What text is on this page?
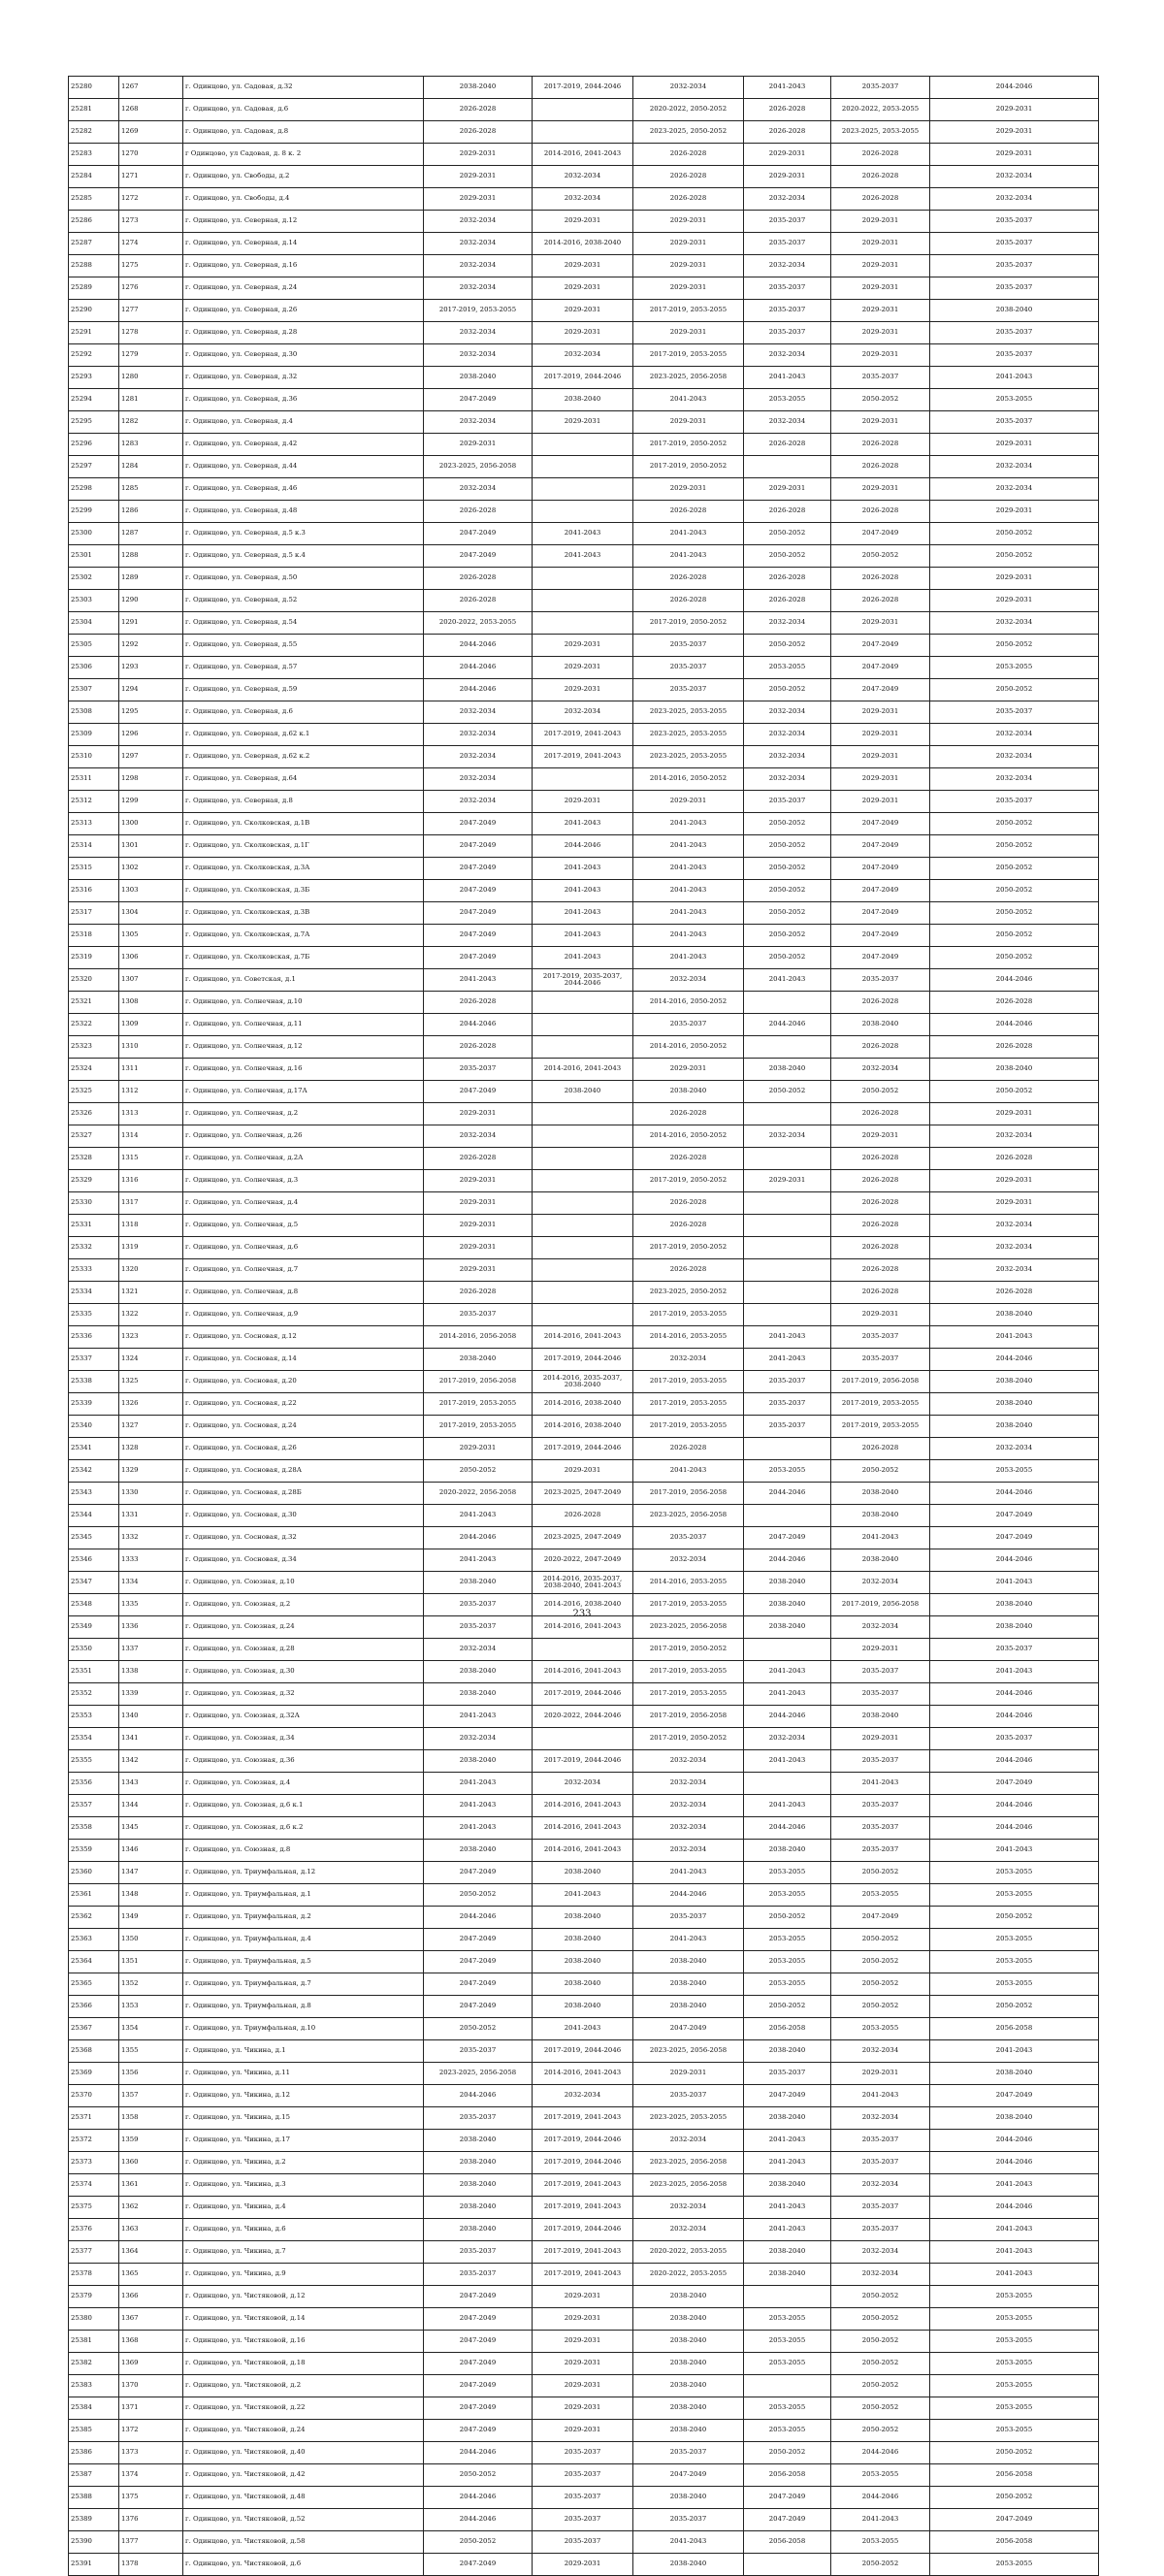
25280	1267	г. Одинцово, ул. Садовая, д.32	2038-2040	2017-2019, 2044-2046	2032-2034	2041-2043	2035-2037	2044-2046
25281	1268	г. Одинцово, ул. Садовая, д.6	2026-2028		2020-2022, 2050-2052	2026-2028	2020-2022, 2053-2055	2029-2031
25282	1269	г. Одинцово, ул. Садовая, д.8	2026-2028		2023-2025, 2050-2052	2026-2028	2023-2025, 2053-2055	2029-2031
25283	1270	г Одинцово, ул Садовая, д. 8 к. 2	2029-2031	2014-2016, 2041-2043	2026-2028	2029-2031	2026-2028	2029-2031
25284	1271	г. Одинцово, ул. Свободы, д.2	2029-2031	2032-2034	2026-2028	2029-2031	2026-2028	2032-2034
25285	1272	г. Одинцово, ул. Свободы, д.4	2029-2031	2032-2034	2026-2028	2032-2034	2026-2028	2032-2034
25286	1273	г. Одинцово, ул. Северная, д.12	2032-2034	2029-2031	2029-2031	2035-2037	2029-2031	2035-2037
25287	1274	г. Одинцово, ул. Северная, д.14	2032-2034	2014-2016, 2038-2040	2029-2031	2035-2037	2029-2031	2035-2037
25288	1275	г. Одинцово, ул. Северная, д.16	2032-2034	2029-2031	2029-2031	2032-2034	2029-2031	2035-2037
25289	1276	г. Одинцово, ул. Северная, д.24	2032-2034	2029-2031	2029-2031	2035-2037	2029-2031	2035-2037
25290	1277	г. Одинцово, ул. Северная, д.26	2017-2019, 2053-2055	2029-2031	2017-2019, 2053-2055	2035-2037	2029-2031	2038-2040
25291	1278	г. Одинцово, ул. Северная, д.28	2032-2034	2029-2031	2029-2031	2035-2037	2029-2031	2035-2037
25292	1279	г. Одинцово, ул. Северная, д.30	2032-2034	2032-2034	2017-2019, 2053-2055	2032-2034	2029-2031	2035-2037
25293	1280	г. Одинцово, ул. Северная, д.32	2038-2040	2017-2019, 2044-2046	2023-2025, 2056-2058	2041-2043	2035-2037	2041-2043
25294	1281	г. Одинцово, ул. Северная, д.36	2047-2049	2038-2040	2041-2043	2053-2055	2050-2052	2053-2055
25295	1282	г. Одинцово, ул. Северная, д.4	2032-2034	2029-2031	2029-2031	2032-2034	2029-2031	2035-2037
25296	1283	г. Одинцово, ул. Северная, д.42	2029-2031		2017-2019, 2050-2052	2026-2028	2026-2028	2029-2031
25297	1284	г. Одинцово, ул. Северная, д.44	2023-2025, 2056-2058		2017-2019, 2050-2052		2026-2028	2032-2034
25298	1285	г. Одинцово, ул. Северная, д.46	2032-2034		2029-2031	2029-2031	2029-2031	2032-2034
25299	1286	г. Одинцово, ул. Северная, д.48	2026-2028		2026-2028	2026-2028	2026-2028	2029-2031
25300	1287	г. Одинцово, ул. Северная, д.5 к.3	2047-2049	2041-2043	2041-2043	2050-2052	2047-2049	2050-2052
25301	1288	г. Одинцово, ул. Северная, д.5 к.4	2047-2049	2041-2043	2041-2043	2050-2052	2050-2052	2050-2052
25302	1289	г. Одинцово, ул. Северная, д.50	2026-2028		2026-2028	2026-2028	2026-2028	2029-2031
25303	1290	г. Одинцово, ул. Северная, д.52	2026-2028		2026-2028	2026-2028	2026-2028	2029-2031
25304	1291	г. Одинцово, ул. Северная, д.54	2020-2022, 2053-2055		2017-2019, 2050-2052	2032-2034	2029-2031	2032-2034
25305	1292	г. Одинцово, ул. Северная, д.55	2044-2046	2029-2031	2035-2037	2050-2052	2047-2049	2050-2052
25306	1293	г. Одинцово, ул. Северная, д.57	2044-2046	2029-2031	2035-2037	2053-2055	2047-2049	2053-2055
25307	1294	г. Одинцово, ул. Северная, д.59	2044-2046	2029-2031	2035-2037	2050-2052	2047-2049	2050-2052
25308	1295	г. Одинцово, ул. Северная, д.6	2032-2034	2032-2034	2023-2025, 2053-2055	2032-2034	2029-2031	2035-2037
25309	1296	г. Одинцово, ул. Северная, д.62 к.1	2032-2034	2017-2019, 2041-2043	2023-2025, 2053-2055	2032-2034	2029-2031	2032-2034
25310	1297	г. Одинцово, ул. Северная, д.62 к.2	2032-2034	2017-2019, 2041-2043	2023-2025, 2053-2055	2032-2034	2029-2031	2032-2034
25311	1298	г. Одинцово, ул. Северная, д.64	2032-2034		2014-2016, 2050-2052	2032-2034	2029-2031	2032-2034
25312	1299	г. Одинцово, ул. Северная, д.8	2032-2034	2029-2031	2029-2031	2035-2037	2029-2031	2035-2037
25313	1300	г. Одинцово, ул. Сколковская, д.1В	2047-2049	2041-2043	2041-2043	2050-2052	2047-2049	2050-2052
25314	1301	г. Одинцово, ул. Сколковская, д.1Г	2047-2049	2044-2046	2041-2043	2050-2052	2047-2049	2050-2052
25315	1302	г. Одинцово, ул. Сколковская, д.3А	2047-2049	2041-2043	2041-2043	2050-2052	2047-2049	2050-2052
25316	1303	г. Одинцово, ул. Сколковская, д.3Б	2047-2049	2041-2043	2041-2043	2050-2052	2047-2049	2050-2052
25317	1304	г. Одинцово, ул. Сколковская, д.3В	2047-2049	2041-2043	2041-2043	2050-2052	2047-2049	2050-2052
25318	1305	г. Одинцово, ул. Сколковская, д.7А	2047-2049	2041-2043	2041-2043	2050-2052	2047-2049	2050-2052
25319	1306	г. Одинцово, ул. Сколковская, д.7Б	2047-2049	2041-2043	2041-2043	2050-2052	2047-2049	2050-2052
25320	1307	г. Одинцово, ул. Советская, д.1	2041-2043	2017-2019, 2035-2037, 2044-2046	2032-2034	2041-2043	2035-2037	2044-2046
25321	1308	г. Одинцово, ул. Солнечная, д.10	2026-2028		2014-2016, 2050-2052		2026-2028	2026-2028
25322	1309	г. Одинцово, ул. Солнечная, д.11	2044-2046		2035-2037	2044-2046	2038-2040	2044-2046
25323	1310	г. Одинцово, ул. Солнечная, д.12	2026-2028		2014-2016, 2050-2052		2026-2028	2026-2028
25324	1311	г. Одинцово, ул. Солнечная, д.16	2035-2037	2014-2016, 2041-2043	2029-2031	2038-2040	2032-2034	2038-2040
25325	1312	г. Одинцово, ул. Солнечная, д.17А	2047-2049	2038-2040	2038-2040	2050-2052	2050-2052	2050-2052
25326	1313	г. Одинцово, ул. Солнечная, д.2	2029-2031		2026-2028		2026-2028	2029-2031
25327	1314	г. Одинцово, ул. Солнечная, д.26	2032-2034		2014-2016, 2050-2052	2032-2034	2029-2031	2032-2034
25328	1315	г. Одинцово, ул. Солнечная, д.2А	2026-2028		2026-2028		2026-2028	2026-2028
25329	1316	г. Одинцово, ул. Солнечная, д.3	2029-2031		2017-2019, 2050-2052	2029-2031	2026-2028	2029-2031
25330	1317	г. Одинцово, ул. Солнечная, д.4	2029-2031		2026-2028		2026-2028	2029-2031
25331	1318	г. Одинцово, ул. Солнечная, д.5	2029-2031		2026-2028		2026-2028	2032-2034
25332	1319	г. Одинцово, ул. Солнечная, д.6	2029-2031		2017-2019, 2050-2052		2026-2028	2032-2034
25333	1320	г. Одинцово, ул. Солнечная, д.7	2029-2031		2026-2028		2026-2028	2032-2034
25334	1321	г. Одинцово, ул. Солнечная, д.8	2026-2028		2023-2025, 2050-2052		2026-2028	2026-2028
25335	1322	г. Одинцово, ул. Солнечная, д.9	2035-2037		2017-2019, 2053-2055		2029-2031	2038-2040
25336	1323	г. Одинцово, ул. Сосновая, д.12	2014-2016, 2056-2058	2014-2016, 2041-2043	2014-2016, 2053-2055	2041-2043	2035-2037	2041-2043
25337	1324	г. Одинцово, ул. Сосновая, д.14	2038-2040	2017-2019, 2044-2046	2032-2034	2041-2043	2035-2037	2044-2046
25338	1325	г. Одинцово, ул. Сосновая, д.20	2017-2019, 2056-2058	2014-2016, 2035-2037, 2038-2040	2017-2019, 2053-2055	2035-2037	2017-2019, 2056-2058	2038-2040
25339	1326	г. Одинцово, ул. Сосновая, д.22	2017-2019, 2053-2055	2014-2016, 2038-2040	2017-2019, 2053-2055	2035-2037	2017-2019, 2053-2055	2038-2040
25340	1327	г. Одинцово, ул. Сосновая, д.24	2017-2019, 2053-2055	2014-2016, 2038-2040	2017-2019, 2053-2055	2035-2037	2017-2019, 2053-2055	2038-2040
25341	1328	г. Одинцово, ул. Сосновая, д.26	2029-2031	2017-2019, 2044-2046	2026-2028		2026-2028	2032-2034
25342	1329	г. Одинцово, ул. Сосновая, д.28А	2050-2052	2029-2031	2041-2043	2053-2055	2050-2052	2053-2055
25343	1330	г. Одинцово, ул. Сосновая, д.28Б	2020-2022, 2056-2058	2023-2025, 2047-2049	2017-2019, 2056-2058	2044-2046	2038-2040	2044-2046
25344	1331	г. Одинцово, ул. Сосновая, д.30	2041-2043	2026-2028	2023-2025, 2056-2058		2038-2040	2047-2049
25345	1332	г. Одинцово, ул. Сосновая, д.32	2044-2046	2023-2025, 2047-2049	2035-2037	2047-2049	2041-2043	2047-2049
25346	1333	г. Одинцово, ул. Сосновая, д.34	2041-2043	2020-2022, 2047-2049	2032-2034	2044-2046	2038-2040	2044-2046
25347	1334	г. Одинцово, ул. Союзная, д.10	2038-2040	2014-2016, 2035-2037, 2038-2040, 2041-2043	2014-2016, 2053-2055	2038-2040	2032-2034	2041-2043
25348	1335	г. Одинцово, ул. Союзная, д.2	2035-2037	2014-2016, 2038-2040	2017-2019, 2053-2055	2038-2040	2017-2019, 2056-2058	2038-2040
25349	1336	г. Одинцово, ул. Союзная, д.24	2035-2037	2014-2016, 2041-2043	2023-2025, 2056-2058	2038-2040	2032-2034	2038-2040
25350	1337	г. Одинцово, ул. Союзная, д.28	2032-2034		2017-2019, 2050-2052		2029-2031	2035-2037
25351	1338	г. Одинцово, ул. Союзная, д.30	2038-2040	2014-2016, 2041-2043	2017-2019, 2053-2055	2041-2043	2035-2037	2041-2043
25352	1339	г. Одинцово, ул. Союзная, д.32	2038-2040	2017-2019, 2044-2046	2017-2019, 2053-2055	2041-2043	2035-2037	2044-2046
25353	1340	г. Одинцово, ул. Союзная, д.32А	2041-2043	2020-2022, 2044-2046	2017-2019, 2056-2058	2044-2046	2038-2040	2044-2046
25354	1341	г. Одинцово, ул. Союзная, д.34	2032-2034		2017-2019, 2050-2052	2032-2034	2029-2031	2035-2037
25355	1342	г. Одинцово, ул. Союзная, д.36	2038-2040	2017-2019, 2044-2046	2032-2034	2041-2043	2035-2037	2044-2046
25356	1343	г. Одинцово, ул. Союзная, д.4	2041-2043	2032-2034	2032-2034		2041-2043	2047-2049
25357	1344	г. Одинцово, ул. Союзная, д.6 к.1	2041-2043	2014-2016, 2041-2043	2032-2034	2041-2043	2035-2037	2044-2046
25358	1345	г. Одинцово, ул. Союзная, д.6 к.2	2041-2043	2014-2016, 2041-2043	2032-2034	2044-2046	2035-2037	2044-2046
25359	1346	г. Одинцово, ул. Союзная, д.8	2038-2040	2014-2016, 2041-2043	2032-2034	2038-2040	2035-2037	2041-2043
25360	1347	г. Одинцово, ул. Триумфальная, д.12	2047-2049	2038-2040	2041-2043	2053-2055	2050-2052	2053-2055
25361	1348	г. Одинцово, ул. Триумфальная, д.1	2050-2052	2041-2043	2044-2046	2053-2055	2053-2055	2053-2055
25362	1349	г. Одинцово, ул. Триумфальная, д.2	2044-2046	2038-2040	2035-2037	2050-2052	2047-2049	2050-2052
25363	1350	г. Одинцово, ул. Триумфальная, д.4	2047-2049	2038-2040	2041-2043	2053-2055	2050-2052	2053-2055
25364	1351	г. Одинцово, ул. Триумфальная, д.5	2047-2049	2038-2040	2038-2040	2053-2055	2050-2052	2053-2055
25365	1352	г. Одинцово, ул. Триумфальная, д.7	2047-2049	2038-2040	2038-2040	2053-2055	2050-2052	2053-2055
25366	1353	г. Одинцово, ул. Триумфальная, д.8	2047-2049	2038-2040	2038-2040	2050-2052	2050-2052	2050-2052
25367	1354	г. Одинцово, ул. Триумфальная, д.10	2050-2052	2041-2043	2047-2049	2056-2058	2053-2055	2056-2058
25368	1355	г. Одинцово, ул. Чикина, д.1	2035-2037	2017-2019, 2044-2046	2023-2025, 2056-2058	2038-2040	2032-2034	2041-2043
25369	1356	г. Одинцово, ул. Чикина, д.11	2023-2025, 2056-2058	2014-2016, 2041-2043	2029-2031	2035-2037	2029-2031	2038-2040
25370	1357	г. Одинцово, ул. Чикина, д.12	2044-2046	2032-2034	2035-2037	2047-2049	2041-2043	2047-2049
25371	1358	г. Одинцово, ул. Чикина, д.15	2035-2037	2017-2019, 2041-2043	2023-2025, 2053-2055	2038-2040	2032-2034	2038-2040
25372	1359	г. Одинцово, ул. Чикина, д.17	2038-2040	2017-2019, 2044-2046	2032-2034	2041-2043	2035-2037	2044-2046
25373	1360	г. Одинцово, ул. Чикина, д.2	2038-2040	2017-2019, 2044-2046	2023-2025, 2056-2058	2041-2043	2035-2037	2044-2046
25374	1361	г. Одинцово, ул. Чикина, д.3	2038-2040	2017-2019, 2041-2043	2023-2025, 2056-2058	2038-2040	2032-2034	2041-2043
25375	1362	г. Одинцово, ул. Чикина, д.4	2038-2040	2017-2019, 2041-2043	2032-2034	2041-2043	2035-2037	2044-2046
25376	1363	г. Одинцово, ул. Чикина, д.6	2038-2040	2017-2019, 2044-2046	2032-2034	2041-2043	2035-2037	2041-2043
25377	1364	г. Одинцово, ул. Чикина, д.7	2035-2037	2017-2019, 2041-2043	2020-2022, 2053-2055	2038-2040	2032-2034	2041-2043
25378	1365	г. Одинцово, ул. Чикина, д.9	2035-2037	2017-2019, 2041-2043	2020-2022, 2053-2055	2038-2040	2032-2034	2041-2043
25379	1366	г. Одинцово, ул. Чистяковой, д.12	2047-2049	2029-2031	2038-2040		2050-2052	2053-2055
25380	1367	г. Одинцово, ул. Чистяковой, д.14	2047-2049	2029-2031	2038-2040	2053-2055	2050-2052	2053-2055
25381	1368	г. Одинцово, ул. Чистяковой, д.16	2047-2049	2029-2031	2038-2040	2053-2055	2050-2052	2053-2055
25382	1369	г. Одинцово, ул. Чистяковой, д.18	2047-2049	2029-2031	2038-2040	2053-2055	2050-2052	2053-2055
25383	1370	г. Одинцово, ул. Чистяковой, д.2	2047-2049	2029-2031	2038-2040		2050-2052	2053-2055
25384	1371	г. Одинцово, ул. Чистяковой, д.22	2047-2049	2029-2031	2038-2040	2053-2055	2050-2052	2053-2055
25385	1372	г. Одинцово, ул. Чистяковой, д.24	2047-2049	2029-2031	2038-2040	2053-2055	2050-2052	2053-2055
25386	1373	г. Одинцово, ул. Чистяковой, д.40	2044-2046	2035-2037	2035-2037	2050-2052	2044-2046	2050-2052
25387	1374	г. Одинцово, ул. Чистяковой, д.42	2050-2052	2035-2037	2047-2049	2056-2058	2053-2055	2056-2058
25388	1375	г. Одинцово, ул. Чистяковой, д.48	2044-2046	2035-2037	2038-2040	2047-2049	2044-2046	2050-2052
25389	1376	г. Одинцово, ул. Чистяковой, д.52	2044-2046	2035-2037	2035-2037	2047-2049	2041-2043	2047-2049
25390	1377	г. Одинцово, ул. Чистяковой, д.58	2050-2052	2035-2037	2041-2043	2056-2058	2053-2055	2056-2058
25391	1378	г. Одинцово, ул. Чистяковой, д.6	2047-2049	2029-2031	2038-2040		2050-2052	2053-2055
233
